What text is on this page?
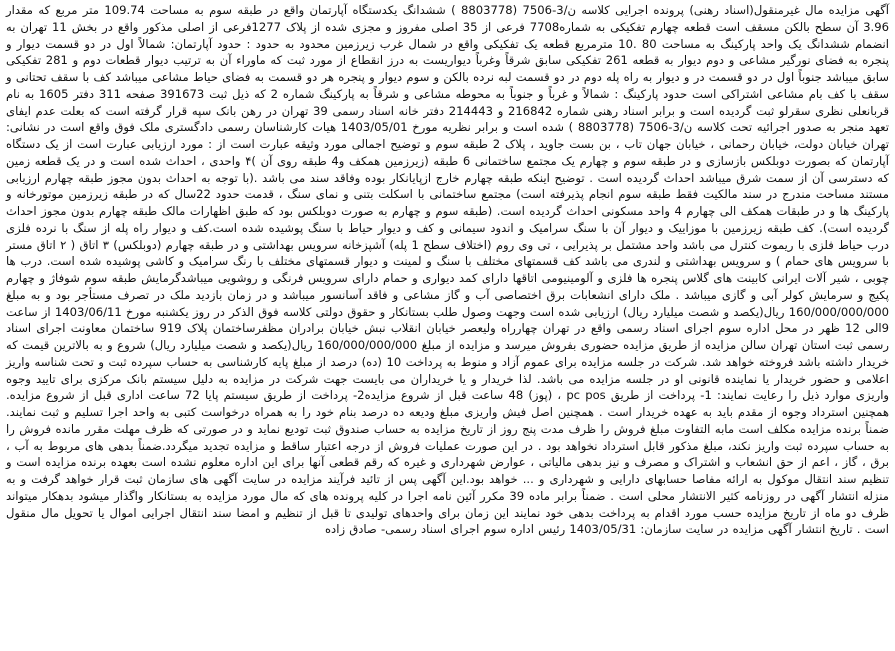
آگهی مزایده مال غیرمنقول(اسناد رهنی) پرونده اجرایی کلاسه ن/3-7506 (8803778 ) ششدانگ یکدستگاه آپارتمان واقع در طبقه سوم به مساحت 109.74 متر مربع که مقدار 3.96 آن سطح بالکن مسقف است قطعه چهارم تفکیکی به شماره7708 فرعی از 35 اصلی مفروز و مجزی شده از پلاک 1277فرعی از اصلی مذکور واقع در بخش 11 تهران به انضمام ششدانگ یک واحد پارکینگ به مساحت 80 .10 مترمربع قطعه یک تفکیکی واقع در شمال غرب زیرزمین محدود به حدود : حدود آپارتمان: شمالاً اول در دو قسمت دیوار و پنجره به فضای نورگیر مشاعی و دوم دیوار به قطعه 261 تفکیکی سابق شرقاً وغرباً دیواریست به درز انقطاع از مورد ثبت که ماوراء آن به ترتیب دیوار قطعات دوم و 281 تفکیکی سابق میباشد جنوباً اول در دو قسمت در و دیوار به راه پله دوم در دو قسمت لبه نرده بالکن و سوم دیوار و پنجره هر دو قسمت به فضای حیاط مشاعی میباشد کف با سقف تحتانی و سقف با کف بام مشاعی اشتراکی است حدود پارکینگ : شمالاً و غرباً و جنوباً به محوطه مشاعی و شرقاً به پارکینگ شماره 2 که ذیل ثبت 391673 صفحه 311 دفتر 1605 به نام قربانعلی نظری سقرلو ثبت گردیده است و برابر اسناد رهنی شماره 216842 و 214443 دفتر خانه اسناد رسمی 39 تهران در رهن بانک سپه قرار گرفته است که بعلت عدم ایفای تعهد منجر به صدور اجرائیه تحت کلاسه ن/3-7506 (8803778 ) شده است و برابر نظریه مورخ 1403/05/01 هیات کارشناسان رسمی دادگستری ملک فوق واقع است در نشانی: تهران خیابان دولت، خیابان رحمانی ، خیابان جهان تاب ، بن بست جاوید ، پلاک 2 طبقه سوم و توضیح اجمالی مورد وثیقه عبارت است از : مورد ارزیابی عبارت است از یک دستگاه آپارتمان که بصورت دوبلکس بازسازی و در طبقه سوم و چهارم یک مجتمع ساختمانی 6 طبقه (زیرزمین همکف و4 طبقه روی آن )۴ واحدی ، احداث شده است و در یک قطعه زمین که دسترسی آن از سمت شرق میباشد احداث گردیده است . توضیح اینکه طبقه چهارم خارج ازپایانکار بوده وفاقد سند می باشد .(با توجه به احداث بدون مجوز طبقه چهارم ارزیابی مستند مساحت مندرج در سند مالکیت فقط طبقه سوم انجام پذیرفته است) مجتمع ساختمانی با اسکلت بتنی و نمای سنگ ، قدمت حدود 22سال که در طبقه زیرزمین موتورخانه و پارکینگ ها و در طبقات همکف الی چهارم 4 واحد مسکونی احداث گردیده است. (طبقه سوم و چهارم به صورت دوبلکس بود که طبق اظهارات مالک طبقه چهارم بدون مجوز احداث گردیده است). کف طبقه زیرزمین با موزاییک و دیوار آن با سنگ سرامیک و اندود سیمانی و کف و دیوار حیاط با سنگ پوشیده شده است.کف و دیوار راه پله از سنگ با نرده فلزی درب حیاط فلزی با ریموت کنترل می باشد واحد مشتمل بر پذیرایی ، تی وی روم (اختلاف سطح 1 پله) آشپزخانه سرویس بهداشتی و در طبقه چهارم (دوبلکس) ۳ اتاق ( ۲ اتاق مستر با سرویس های حمام ) و سرویس بهداشتی و لندری می باشد کف قسمتهای مختلف با سنگ و لمینت و دیوار قسمتهای مختلف با رنگ سرامیک و کاشی پوشیده شده است. درب ها چوبی ، شیر آلات ایرانی کابینت های گلاس پنجره ها فلزی و آلومینیومی اتاقها دارای کمد دیواری و حمام دارای سرویس فرنگی و روشویی میباشدگرمایش طبقه سوم شوفاژ و چهارم پکیج و سرمایش کولر آبی و گازی میباشد . ملک دارای انشعابات برق اختصاصی آب و گاز مشاعی و فاقد آسانسور میباشد و در زمان بازدید ملک در تصرف مستأجر بود و به مبلغ 160/000/000/000 ریال(یکصد و شصت میلیارد ریال) ارزیابی شده است وجهت وصول طلب بستانکار و حقوق دولتی کلاسه فوق الذکر در روز یکشنبه مورخ 1403/06/11 از ساعت 9الی 12 ظهر در محل اداره سوم اجرای اسناد رسمی واقع در تهران چهارراه ولیعصر خیابان انقلاب نبش خیابان برادران مظفرساختمان پلاک 919 ساختمان معاونت اجرای اسناد رسمی ثبت استان تهران سالن مزایده از طریق مزایده حضوری بفروش میرسد و مزایده از مبلغ 160/000/000/000 ریال(یکصد و شصت میلیارد ریال) شروع و به بالاترین قیمت که خریدار داشته باشد فروخته خواهد شد. شرکت در جلسه مزایده برای عموم آزاد و منوط به پرداخت 10 (ده) درصد از مبلغ پایه کارشناسی به حساب سپرده ثبت و تحت شناسه واریز اعلامی و حضور خریدار یا نماینده قانونی او در جلسه مزایده می باشد. لذا خریدار و یا خریداران می بایست جهت شرکت در مزایده به دلیل سیستم بانک مرکزی برای تایید وجوه واریزی موارد ذیل را رعایت نمایند: 1- پرداخت از طریق pc pos ، (پوز) 48 ساعت قبل از شروع مزایده2- پرداخت از طریق سیستم پایا 72 ساعت اداری قبل از شروع مزایده. همچنین استرداد وجوه از مقدم باید به عهده خریدار است . همچنین اصل فیش واریزی مبلغ ودیعه ده درصد بنام خود را به همراه درخواست کتبی به واحد اجرا تسلیم و ثبت نمایند. ضمناً برنده مزایده مکلف است مابه التفاوت مبلغ فروش را ظرف مدت پنج روز از تاریخ مزایده به حساب صندوق ثبت تودیع نماید و در صورتی که ظرف مهلت مقرر مانده فروش را به حساب سپرده ثبت واریز نکند، مبلغ مذکور قابل استرداد نخواهد بود . در این صورت عملیات فروش از درجه اعتبار ساقط و مزایده تجدید میگردد.ضمناً بدهی های مربوط به آب ، برق ، گاز ، اعم از حق انشعاب و اشتراک و مصرف و نیز بدهی مالیاتی ، عوارض شهرداری و غیره که رقم قطعی آنها برای این اداره معلوم نشده است بعهده برنده مزایده است و تنظیم سند انتقال موکول به ارائه مفاصا حسابهای دارایی و شهرداری و ... خواهد بود.این آگهی پس از تائید فرآیند مزایده در سایت آگهی های سازمان ثبت قرار خواهد گرفت و به منزله انتشار آگهی در روزنامه کثیر الانتشار محلی است . ضمناً برابر ماده 39 مکرر آئین نامه اجرا در کلیه پرونده های که مال مورد مزایده به بستانکار واگذار میشود بدهکار میتواند ظرف دو ماه از تاریخ مزایده حسب مورد اقدام به پرداخت بدهی خود نمایند این زمان برای واحدهای تولیدی تا قبل از تنظیم و امضا سند انتقال اجرایی اموال یا تحویل مال منقول است . تاریخ انتشار آگهی مزایده در سایت سازمان: 1403/05/31 رئیس اداره سوم اجرای اسناد رسمی- صادق زاده
